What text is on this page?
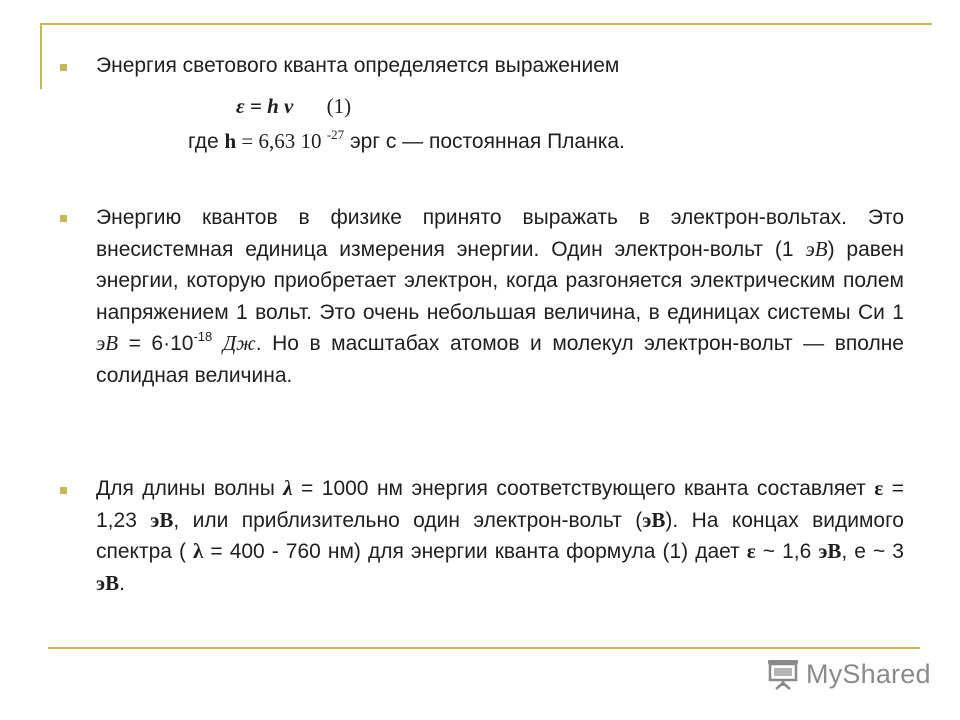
Энергия светового кванта определяется выражением
ε = h ν (1)
где h = 6,63 10 $^{-27}$ эрг с — постоянная Планка.
Энергию квантов в физике принято выражать в электрон-вольтах. Это внесистемная единица измерения энергии. Один электрон-вольт (1 эВ) равен энергии, которую приобретает электрон, когда разгоняется электрическим полем напряжением 1 вольт. Это очень небольшая величина, в единицах системы Си 1 эВ = $6\cdot 10^{-18}$ Дж. Но в масштабах атомов и молекул электрон-вольт — вполне солидная величина.
Для длины волны λ = 1000 нм энергия соответствующего кванта составляет ε = 1,23 эВ, или приблизительно один электрон-вольт (эВ). На концах видимого спектра ( λ = 400 - 760 нм) для энергии кванта формула (1) дает ε ~ 1,6 эВ, е ~ 3 эВ.
MyShared
